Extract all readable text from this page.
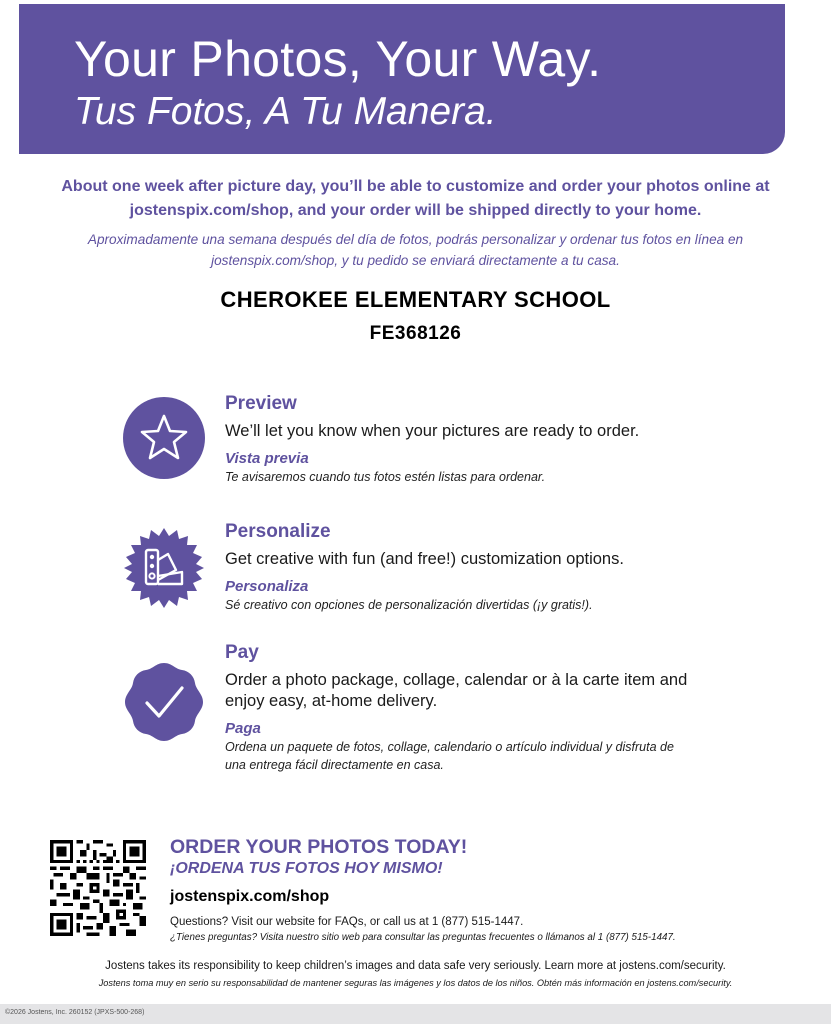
Your Photos, Your Way.
Tus Fotos, A Tu Manera.

About one week after picture day, you’ll be able to customize and order your photos online at jostenspix.com/shop, and your order will be shipped directly to your home.

Aproximadamente una semana después del día de fotos, podrás personalizar y ordenar tus fotos en línea en jostenspix.com/shop, y tu pedido se enviará directamente a tu casa.

CHEROKEE ELEMENTARY SCHOOL
FE368126
Preview
We’ll let you know when your pictures are ready to order.
Vista previa
Te avisaremos cuando tus fotos estén listas para ordenar.
Personalize
Get creative with fun (and free!) customization options.
Personaliza
Sé creativo con opciones de personalización divertidas (¡y gratis!).
Pay
Order a photo package, collage, calendar or à la carte item and enjoy easy, at-home delivery.
Paga
Ordena un paquete de fotos, collage, calendario o artículo individual y disfruta de una entrega fácil directamente en casa.
ORDER YOUR PHOTOS TODAY!
¡ORDENA TUS FOTOS HOY MISMO!
jostenspix.com/shop
Questions? Visit our website for FAQs, or call us at 1 (877) 515-1447.
¿Tienes preguntas? Visita nuestro sitio web para consultar las preguntas frecuentes o llámanos al 1 (877) 515-1447.
Jostens takes its responsibility to keep children’s images and data safe very seriously. Learn more at jostens.com/security.
Jostens toma muy en serio su responsabilidad de mantener seguras las imágenes y los datos de los niños. Obtén más información en jostens.com/security.
©2026 Jostens, Inc. 260152 (JPXS-500-268)
